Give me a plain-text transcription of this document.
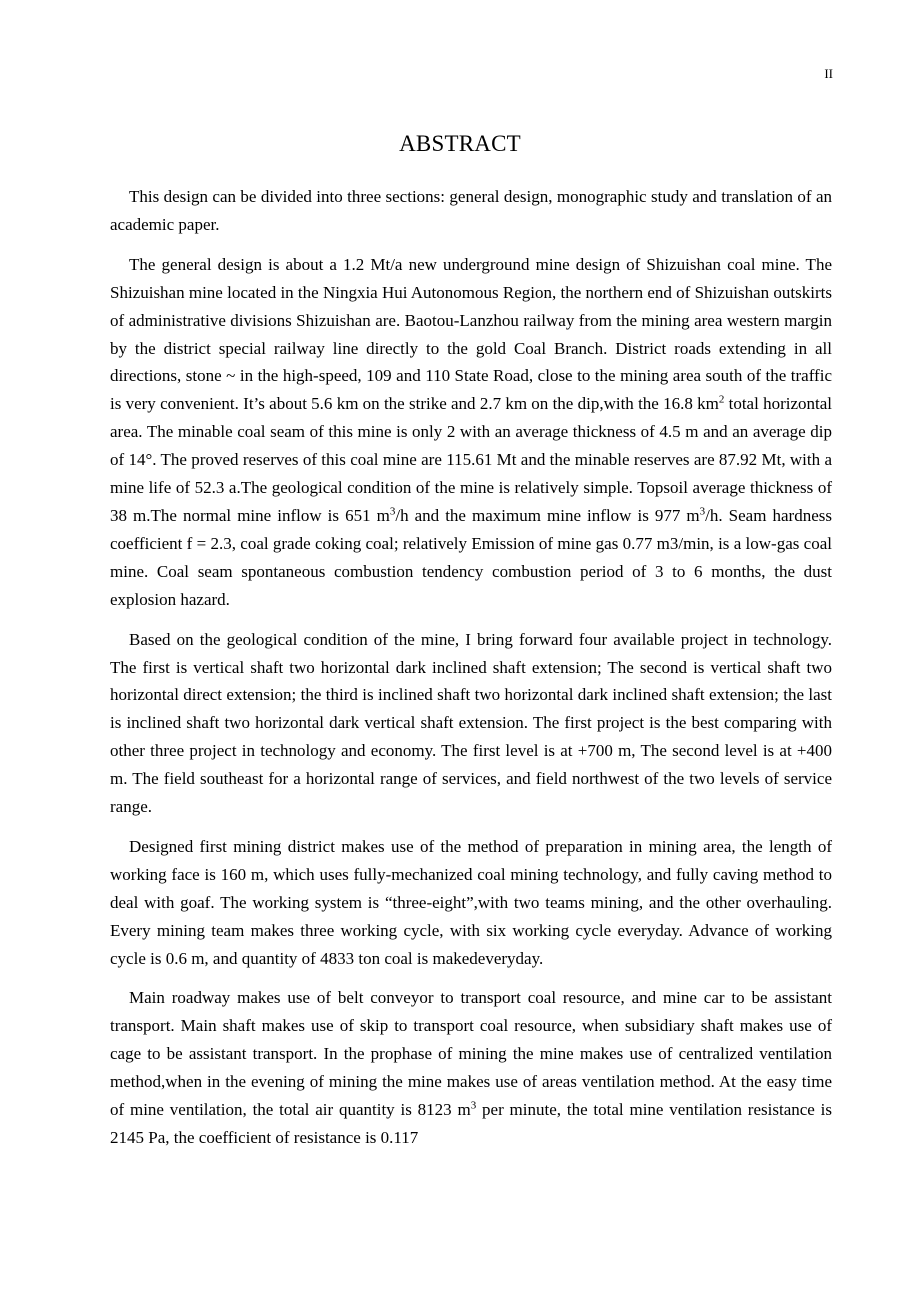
II
ABSTRACT

This design can be divided into three sections: general design, monographic study and translation of an academic paper.

The general design is about a 1.2 Mt/a new underground mine design of Shizuishan coal mine. The Shizuishan mine located in the Ningxia Hui Autonomous Region, the northern end of Shizuishan outskirts of administrative divisions Shizuishan are. Baotou-Lanzhou railway from the mining area western margin by the district special railway line directly to the gold Coal Branch. District roads extending in all directions, stone ~ in the high-speed, 109 and 110 State Road, close to the mining area south of the traffic is very convenient. It’s about 5.6 km on the strike and 2.7 km on the dip,with the 16.8 $km^2$ total horizontal area. The minable coal seam of this mine is only 2 with an average thickness of 4.5 m and an average dip of 14°. The proved reserves of this coal mine are 115.61 Mt and the minable reserves are 87.92 Mt, with a mine life of 52.3 a.The geological condition of the mine is relatively simple. Topsoil average thickness of 38 m.The normal mine inflow is 651 $m^3/h$ and the maximum mine inflow is 977 $m^3/h$. Seam hardness coefficient f = 2.3, coal grade coking coal; relatively Emission of mine gas 0.77 m3/min, is a low-gas coal mine. Coal seam spontaneous combustion tendency combustion period of 3 to 6 months, the dust explosion hazard.

Based on the geological condition of the mine, I bring forward four available project in technology. The first is vertical shaft two horizontal dark inclined shaft extension; The second is vertical shaft two horizontal direct extension; the third is inclined shaft two horizontal dark inclined shaft extension; the last is inclined shaft two horizontal dark vertical shaft extension. The first project is the best comparing with other three project in technology and economy. The first level is at +700 m, The second level is at +400 m. The field southeast for a horizontal range of services, and field northwest of the two levels of service range.

Designed first mining district makes use of the method of preparation in mining area, the length of working face is 160 m, which uses fully-mechanized coal mining technology, and fully caving method to deal with goaf. The working system is “three-eight”,with two teams mining, and the other overhauling. Every mining team makes three working cycle, with six working cycle everyday. Advance of working cycle is 0.6 m, and quantity of 4833 ton coal is makedeveryday.

Main roadway makes use of belt conveyor to transport coal resource, and mine car to be assistant transport. Main shaft makes use of skip to transport coal resource, when subsidiary shaft makes use of cage to be assistant transport. In the prophase of mining the mine makes use of centralized ventilation method,when in the evening of mining the mine makes use of areas ventilation method. At the easy time of mine ventilation, the total air quantity is 8123 $m^3$ per minute, the total mine ventilation resistance is 2145 Pa, the coefficient of resistance is 0.117
